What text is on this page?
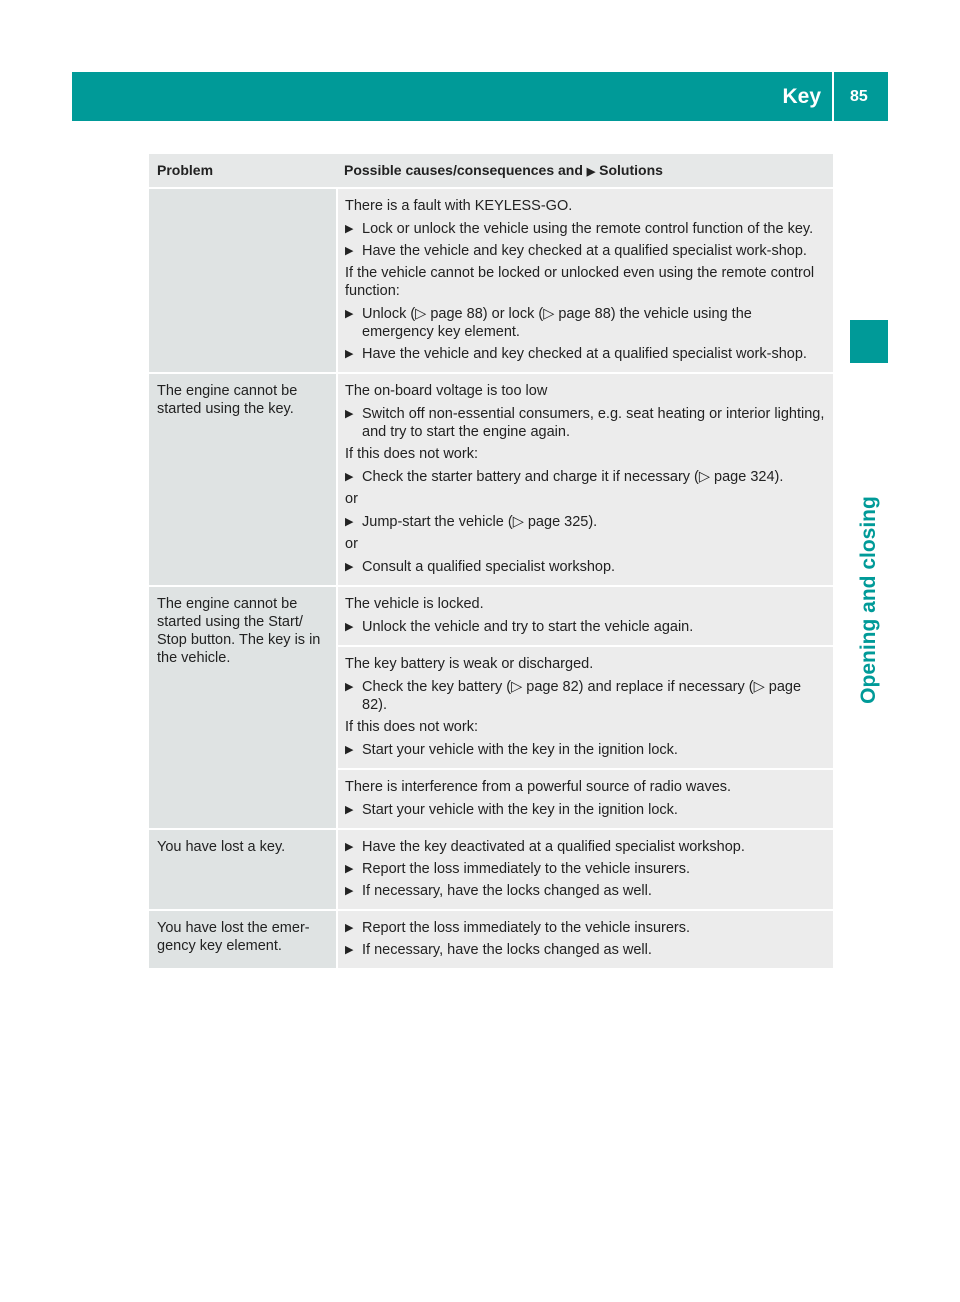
Key 85
Opening and closing
Problem	Possible causes/consequences and ▶ Solutions
There is a fault with KEYLESS-GO.
▶ Lock or unlock the vehicle using the remote control function of the key.
▶ Have the vehicle and key checked at a qualified specialist work-shop.
If the vehicle cannot be locked or unlocked even using the remote control function:
▶ Unlock (▷ page 88) or lock (▷ page 88) the vehicle using the emergency key element.
▶ Have the vehicle and key checked at a qualified specialist work-shop.
The engine cannot be started using the key.
The on-board voltage is too low
▶ Switch off non-essential consumers, e.g. seat heating or interior lighting, and try to start the engine again.
If this does not work:
▶ Check the starter battery and charge it if necessary (▷ page 324).
or
▶ Jump-start the vehicle (▷ page 325).
or
▶ Consult a qualified specialist workshop.
The engine cannot be started using the Start/ Stop button. The key is in the vehicle.
The vehicle is locked.
▶ Unlock the vehicle and try to start the vehicle again.
The key battery is weak or discharged.
▶ Check the key battery (▷ page 82) and replace if necessary (▷ page 82).
If this does not work:
▶ Start your vehicle with the key in the ignition lock.
There is interference from a powerful source of radio waves.
▶ Start your vehicle with the key in the ignition lock.
You have lost a key.	▶ Have the key deactivated at a qualified specialist workshop.
▶ Report the loss immediately to the vehicle insurers.
▶ If necessary, have the locks changed as well.
You have lost the emer-gency key element.
▶ Report the loss immediately to the vehicle insurers.
▶ If necessary, have the locks changed as well.
